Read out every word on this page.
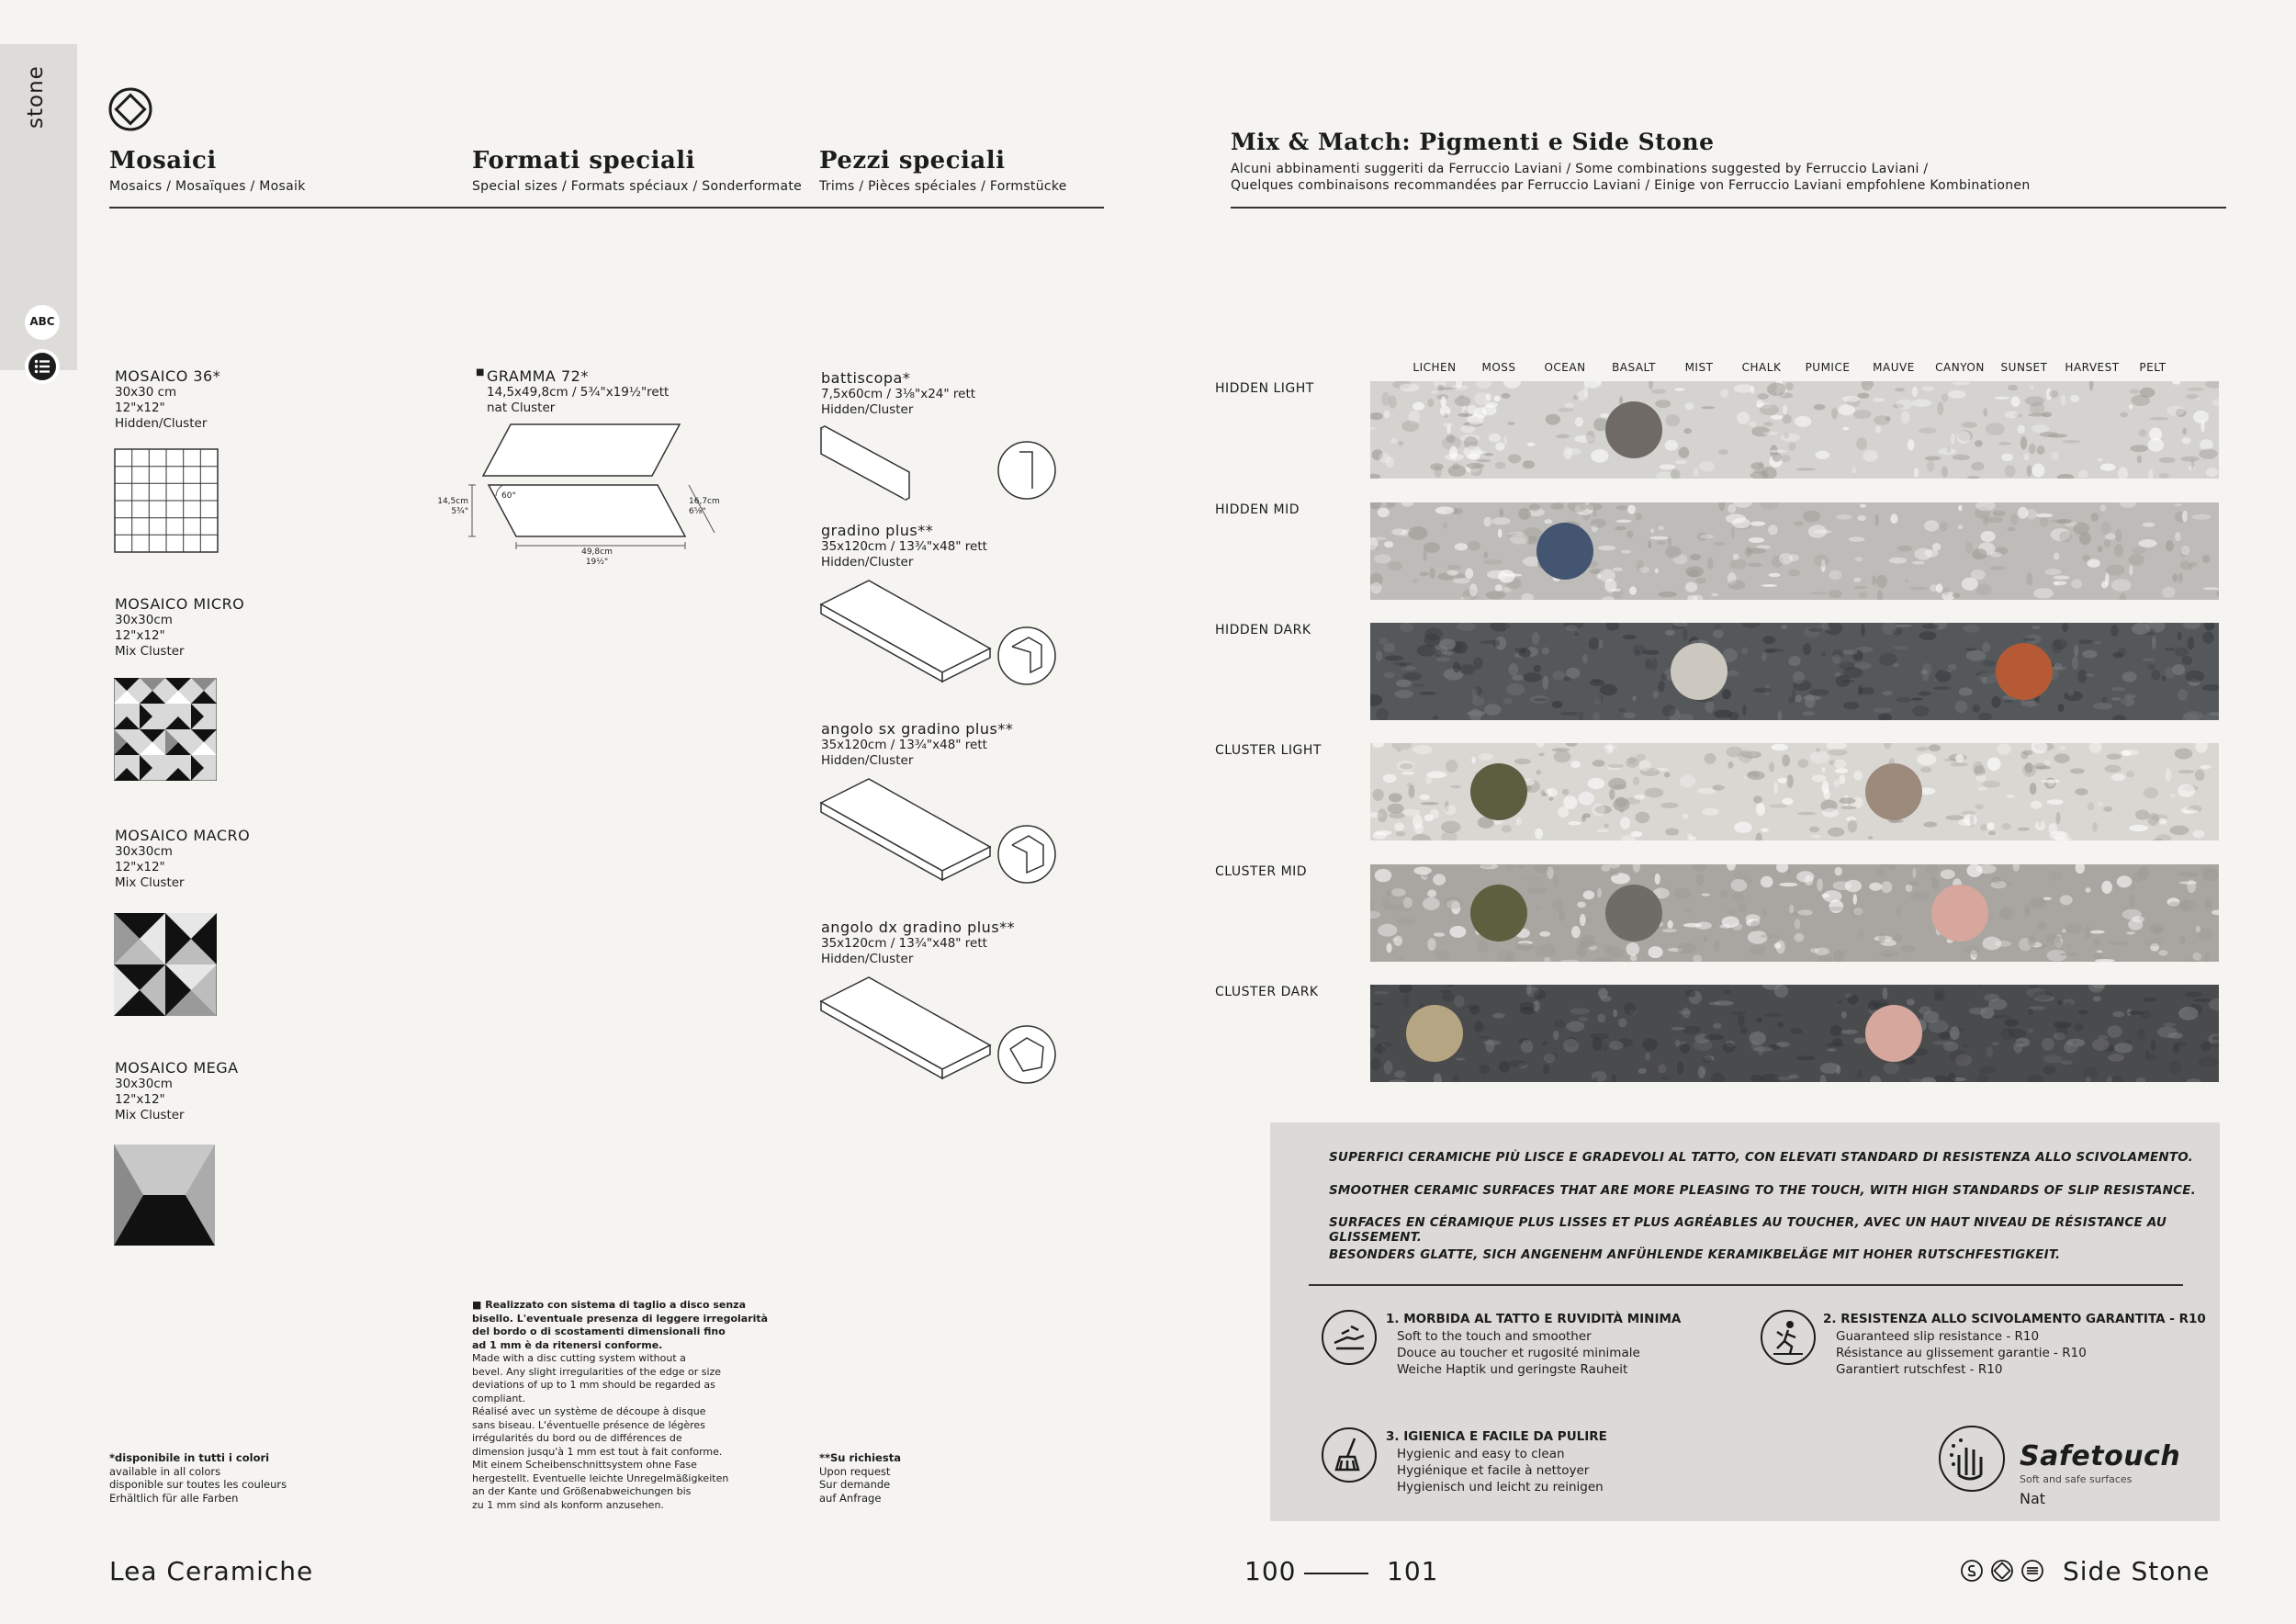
stone
ABC
Mosaici
Mosaics / Mosaïques / Mosaik
Formati speciali
Special sizes / Formats spéciaux / Sonderformate
Pezzi speciali
Trims / Pièces spéciales / Formstücke
MOSAICO 36*
30x30 cm
12"x12"
Hidden/Cluster
MOSAICO MICRO
30x30cm
12"x12"
Mix Cluster
MOSAICO MACRO
30x30cm
12"x12"
Mix Cluster
MOSAICO MEGA
30x30cm
12"x12"
Mix Cluster
■ GRAMMA 72*
14,5x49,8cm / 5¾"x19½"rett
nat Cluster
14,5cm
5¾"
60°
16,7cm
6⅝"
49,8cm
19½"
battiscopa*
7,5x60cm / 3⅛"x24" rett
Hidden/Cluster
gradino plus**
35x120cm / 13¾"x48" rett
Hidden/Cluster
angolo sx gradino plus**
35x120cm / 13¾"x48" rett
Hidden/Cluster
angolo dx gradino plus**
35x120cm / 13¾"x48" rett
Hidden/Cluster
*disponibile in tutti i colori
available in all colors
disponible sur toutes les couleurs
Erhältlich für alle Farben
■ Realizzato con sistema di taglio a disco senza
bisello. L'eventuale presenza di leggere irregolarità
del bordo o di scostamenti dimensionali fino
ad 1 mm è da ritenersi conforme.
Made with a disc cutting system without a
bevel. Any slight irregularities of the edge or size
deviations of up to 1 mm should be regarded as
compliant.
Réalisé avec un système de découpe à disque
sans biseau. L'éventuelle présence de légères
irrégularités du bord ou de différences de
dimension jusqu'à 1 mm est tout à fait conforme.
Mit einem Scheibenschnittsystem ohne Fase
hergestellt. Eventuelle leichte Unregelmäßigkeiten
an der Kante und Größenabweichungen bis
zu 1 mm sind als konform anzusehen.
**Su richiesta
Upon request
Sur demande
auf Anfrage
Mix & Match: Pigmenti e Side Stone
Alcuni abbinamenti suggeriti da Ferruccio Laviani / Some combinations suggested by Ferruccio Laviani /
Quelques combinaisons recommandées par Ferruccio Laviani / Einige von Ferruccio Laviani empfohlene Kombinationen
LICHEN	MOSS	OCEAN	BASALT	MIST	CHALK	PUMICE	MAUVE	CANYON	SUNSET	HARVEST	PELT
HIDDEN LIGHT
HIDDEN MID
HIDDEN DARK
CLUSTER LIGHT
CLUSTER MID
CLUSTER DARK
SUPERFICI CERAMICHE PIÙ LISCE E GRADEVOLI AL TATTO, CON ELEVATI STANDARD DI RESISTENZA ALLO SCIVOLAMENTO.
SMOOTHER CERAMIC SURFACES THAT ARE MORE PLEASING TO THE TOUCH, WITH HIGH STANDARDS OF SLIP RESISTANCE.
SURFACES EN CÉRAMIQUE PLUS LISSES ET PLUS AGRÉABLES AU TOUCHER, AVEC UN HAUT NIVEAU DE RÉSISTANCE AU GLISSEMENT.
BESONDERS GLATTE, SICH ANGENEHM ANFÜHLENDE KERAMIKBELÄGE MIT HOHER RUTSCHFESTIGKEIT.
1. MORBIDA AL TATTO E RUVIDITÀ MINIMA
Soft to the touch and smoother
Douce au toucher et rugosité minimale
Weiche Haptik und geringste Rauheit
2. RESISTENZA ALLO SCIVOLAMENTO GARANTITA - R10
Guaranteed slip resistance - R10
Résistance au glissement garantie - R10
Garantiert rutschfest - R10
3. IGIENICA E FACILE DA PULIRE
Hygienic and easy to clean
Hygiénique et facile à nettoyer
Hygienisch und leicht zu reinigen
Safetouch
Soft and safe surfaces
Nat
Lea Ceramiche	100	101	Side Stone
